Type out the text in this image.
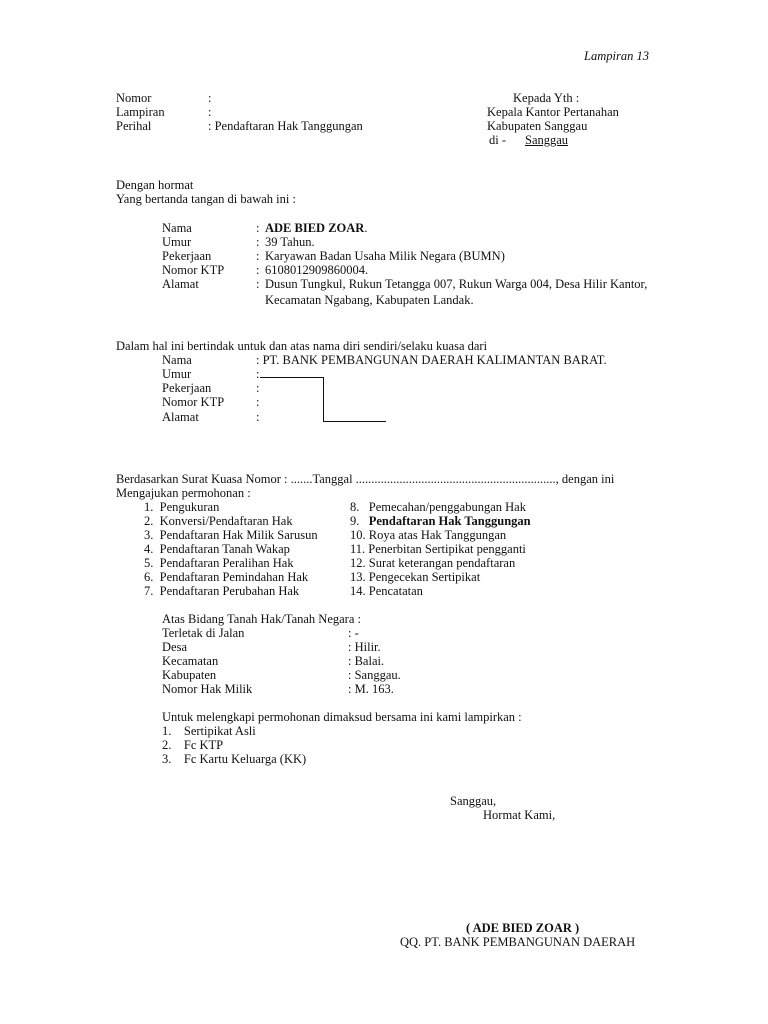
Lampiran 13
Nomor	:
Lampiran	:
Perihal	: Pendaftaran Hak Tanggungan
Kepada Yth :
Kepala Kantor Pertanahan
Kabupaten Sanggau
di - Sanggau
Dengan hormat
Yang bertanda tangan di bawah ini :
Nama	: ADE BIED ZOAR.
Umur	: 39 Tahun.
Pekerjaan	: Karyawan Badan Usaha Milik Negara (BUMN)
Nomor KTP	: 6108012909860004.
Alamat	: Dusun Tungkul, Rukun Tetangga 007, Rukun Warga 004, Desa Hilir Kantor,
Kecamatan Ngabang, Kabupaten Landak.
Dalam hal ini bertindak untuk dan atas nama diri sendiri/selaku kuasa dari
Nama	: PT. BANK PEMBANGUNAN DAERAH KALIMANTAN BARAT.
Umur	:
Pekerjaan	:
Nomor KTP	:
Alamat	:
Berdasarkan Surat Kuasa Nomor : .......Tanggal ................................................................, dengan ini
Mengajukan permohonan :
1. Pengukuran
2. Konversi/Pendaftaran Hak
3. Pendaftaran Hak Milik Sarusun
4. Pendaftaran Tanah Wakap
5. Pendaftaran Peralihan Hak
6. Pendaftaran Pemindahan Hak
7. Pendaftaran Perubahan Hak
8. Pemecahan/penggabungan Hak
9. Pendaftaran Hak Tanggungan
10. Roya atas Hak Tanggungan
11. Penerbitan Sertipikat pengganti
12. Surat keterangan pendaftaran
13. Pengecekan Sertipikat
14. Pencatatan
Atas Bidang Tanah Hak/Tanah Negara :
Terletak di Jalan	: -
Desa	: Hilir.
Kecamatan	: Balai.
Kabupaten	: Sanggau.
Nomor Hak Milik	: M. 163.
Untuk melengkapi permohonan dimaksud bersama ini kami lampirkan :
1. Sertipikat Asli
2. Fc KTP
3. Fc Kartu Keluarga (KK)
Sanggau,
Hormat Kami,
( ADE BIED ZOAR )
QQ. PT. BANK PEMBANGUNAN DAERAH
